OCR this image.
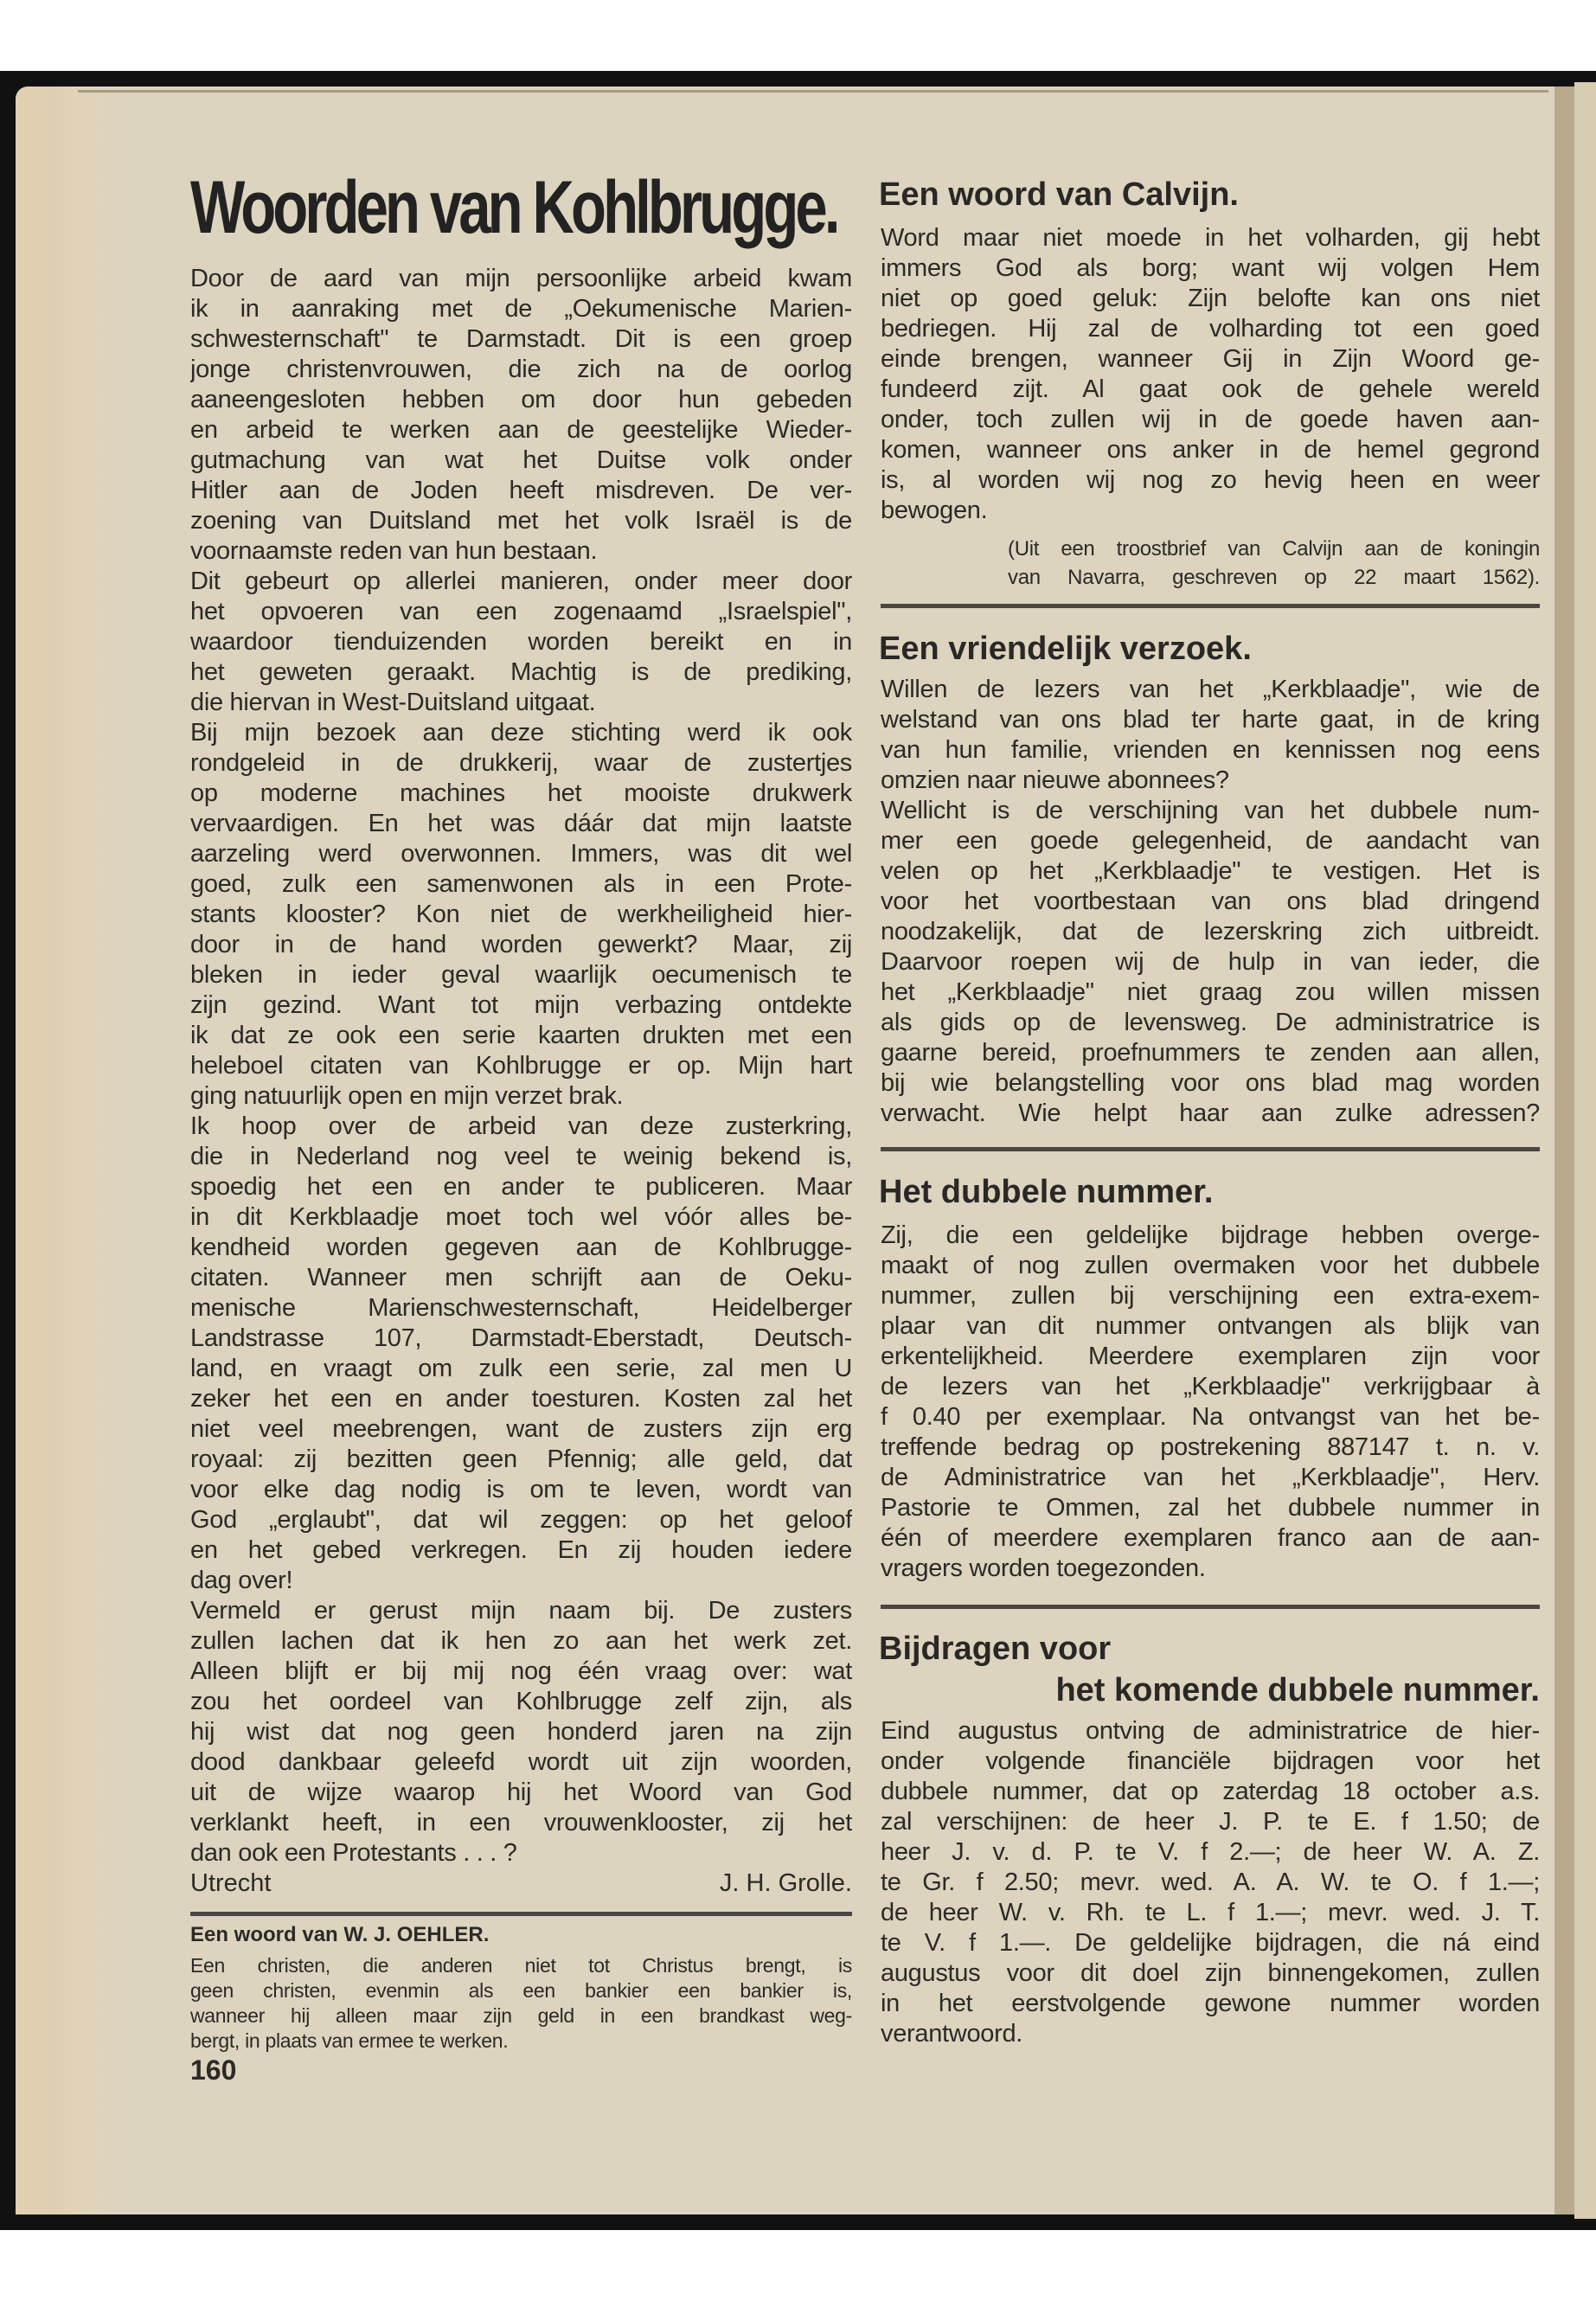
Woorden van Kohlbrugge.
Door de aard van mijn persoonlijke arbeid kwam
ik in aanraking met de „Oekumenische Marien-
schwesternschaft" te Darmstadt. Dit is een groep
jonge christenvrouwen, die zich na de oorlog
aaneengesloten hebben om door hun gebeden
en arbeid te werken aan de geestelijke Wieder-
gutmachung van wat het Duitse volk onder
Hitler aan de Joden heeft misdreven. De ver-
zoening van Duitsland met het volk Israël is de
voornaamste reden van hun bestaan.
Dit gebeurt op allerlei manieren, onder meer door
het opvoeren van een zogenaamd „Israelspiel",
waardoor tienduizenden worden bereikt en in
het geweten geraakt. Machtig is de prediking,
die hiervan in West-Duitsland uitgaat.
Bij mijn bezoek aan deze stichting werd ik ook
rondgeleid in de drukkerij, waar de zustertjes
op moderne machines het mooiste drukwerk
vervaardigen. En het was dáár dat mijn laatste
aarzeling werd overwonnen. Immers, was dit wel
goed, zulk een samenwonen als in een Prote-
stants klooster? Kon niet de werkheiligheid hier-
door in de hand worden gewerkt? Maar, zij
bleken in ieder geval waarlijk oecumenisch te
zijn gezind. Want tot mijn verbazing ontdekte
ik dat ze ook een serie kaarten drukten met een
heleboel citaten van Kohlbrugge er op. Mijn hart
ging natuurlijk open en mijn verzet brak.
Ik hoop over de arbeid van deze zusterkring,
die in Nederland nog veel te weinig bekend is,
spoedig het een en ander te publiceren. Maar
in dit Kerkblaadje moet toch wel vóór alles be-
kendheid worden gegeven aan de Kohlbrugge-
citaten. Wanneer men schrijft aan de Oeku-
menische Marienschwesternschaft, Heidelberger
Landstrasse 107, Darmstadt-Eberstadt, Deutsch-
land, en vraagt om zulk een serie, zal men U
zeker het een en ander toesturen. Kosten zal het
niet veel meebrengen, want de zusters zijn erg
royaal: zij bezitten geen Pfennig; alle geld, dat
voor elke dag nodig is om te leven, wordt van
God „erglaubt", dat wil zeggen: op het geloof
en het gebed verkregen. En zij houden iedere
dag over!
Vermeld er gerust mijn naam bij. De zusters
zullen lachen dat ik hen zo aan het werk zet.
Alleen blijft er bij mij nog één vraag over: wat
zou het oordeel van Kohlbrugge zelf zijn, als
hij wist dat nog geen honderd jaren na zijn
dood dankbaar geleefd wordt uit zijn woorden,
uit de wijze waarop hij het Woord van God
verklankt heeft, in een vrouwenklooster, zij het
dan ook een Protestants . . . ?
Utrecht	J. H. Grolle.
Een woord van W. J. OEHLER.
Een christen, die anderen niet tot Christus brengt, is
geen christen, evenmin als een bankier een bankier is,
wanneer hij alleen maar zijn geld in een brandkast weg-
bergt, in plaats van ermee te werken.
160
Een woord van Calvijn.
Word maar niet moede in het volharden, gij hebt
immers God als borg; want wij volgen Hem
niet op goed geluk: Zijn belofte kan ons niet
bedriegen. Hij zal de volharding tot een goed
einde brengen, wanneer Gij in Zijn Woord ge-
fundeerd zijt. Al gaat ook de gehele wereld
onder, toch zullen wij in de goede haven aan-
komen, wanneer ons anker in de hemel gegrond
is, al worden wij nog zo hevig heen en weer
bewogen.
(Uit een troostbrief van Calvijn aan de koningin
van Navarra, geschreven op 22 maart 1562).
Een vriendelijk verzoek.
Willen de lezers van het „Kerkblaadje", wie de
welstand van ons blad ter harte gaat, in de kring
van hun familie, vrienden en kennissen nog eens
omzien naar nieuwe abonnees?
Wellicht is de verschijning van het dubbele num-
mer een goede gelegenheid, de aandacht van
velen op het „Kerkblaadje" te vestigen. Het is
voor het voortbestaan van ons blad dringend
noodzakelijk, dat de lezerskring zich uitbreidt.
Daarvoor roepen wij de hulp in van ieder, die
het „Kerkblaadje" niet graag zou willen missen
als gids op de levensweg. De administratrice is
gaarne bereid, proefnummers te zenden aan allen,
bij wie belangstelling voor ons blad mag worden
verwacht. Wie helpt haar aan zulke adressen?
Het dubbele nummer.
Zij, die een geldelijke bijdrage hebben overge-
maakt of nog zullen overmaken voor het dubbele
nummer, zullen bij verschijning een extra-exem-
plaar van dit nummer ontvangen als blijk van
erkentelijkheid. Meerdere exemplaren zijn voor
de lezers van het „Kerkblaadje" verkrijgbaar à
f 0.40 per exemplaar. Na ontvangst van het be-
treffende bedrag op postrekening 887147 t. n. v.
de Administratrice van het „Kerkblaadje", Herv.
Pastorie te Ommen, zal het dubbele nummer in
één of meerdere exemplaren franco aan de aan-
vragers worden toegezonden.
Bijdragen voor
het komende dubbele nummer.
Eind augustus ontving de administratrice de hier-
onder volgende financiële bijdragen voor het
dubbele nummer, dat op zaterdag 18 october a.s.
zal verschijnen: de heer J. P. te E. f 1.50; de
heer J. v. d. P. te V. f 2.—; de heer W. A. Z.
te Gr. f 2.50; mevr. wed. A. A. W. te O. f 1.—;
de heer W. v. Rh. te L. f 1.—; mevr. wed. J. T.
te V. f 1.—. De geldelijke bijdragen, die ná eind
augustus voor dit doel zijn binnengekomen, zullen
in het eerstvolgende gewone nummer worden
verantwoord.
